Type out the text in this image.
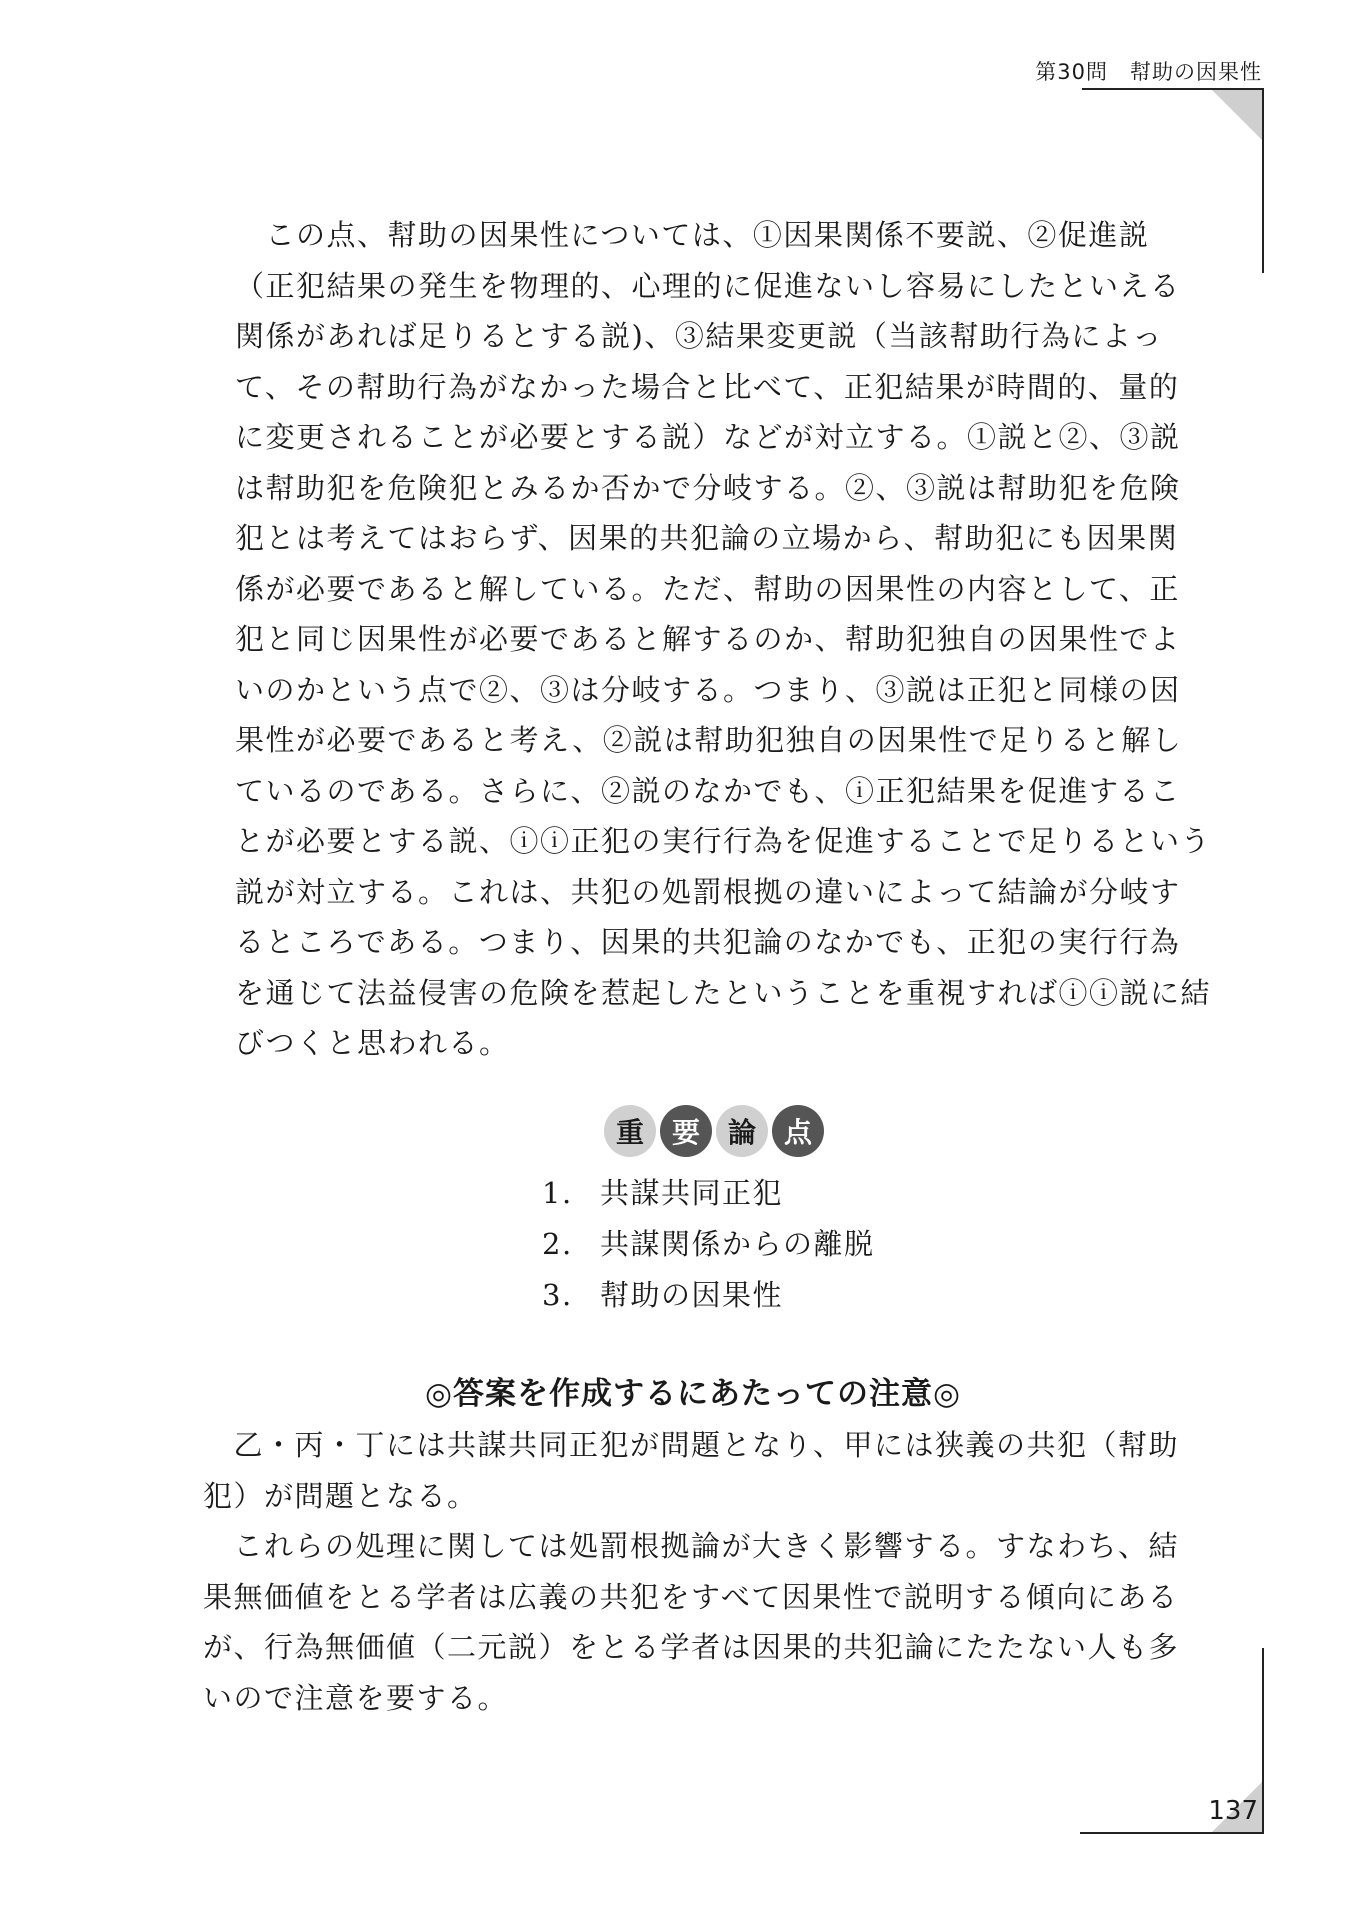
第30問　幇助の因果性
　この点、幇助の因果性については、①因果関係不要説、②促進説
（正犯結果の発生を物理的、心理的に促進ないし容易にしたといえる
関係があれば足りるとする説)、③結果変更説（当該幇助行為によっ
て、その幇助行為がなかった場合と比べて、正犯結果が時間的、量的
に変更されることが必要とする説）などが対立する。①説と②、③説
は幇助犯を危険犯とみるか否かで分岐する。②、③説は幇助犯を危険
犯とは考えてはおらず、因果的共犯論の立場から、幇助犯にも因果関
係が必要であると解している。ただ、幇助の因果性の内容として、正
犯と同じ因果性が必要であると解するのか、幇助犯独自の因果性でよ
いのかという点で②、③は分岐する。つまり、③説は正犯と同様の因
果性が必要であると考え、②説は幇助犯独自の因果性で足りると解し
ているのである。さらに、②説のなかでも、ⓘ正犯結果を促進するこ
とが必要とする説、ⓘⓘ正犯の実行行為を促進することで足りるという
説が対立する。これは、共犯の処罰根拠の違いによって結論が分岐す
るところである。つまり、因果的共犯論のなかでも、正犯の実行行為
を通じて法益侵害の危険を惹起したということを重視すればⓘⓘ説に結
びつくと思われる。
重 要 論 点
1. 共謀共同正犯
2. 共謀関係からの離脱
3. 幇助の因果性
◎答案を作成するにあたっての注意◎
　乙・丙・丁には共謀共同正犯が問題となり、甲には狭義の共犯（幇助
犯）が問題となる。
　これらの処理に関しては処罰根拠論が大きく影響する。すなわち、結
果無価値をとる学者は広義の共犯をすべて因果性で説明する傾向にある
が、行為無価値（二元説）をとる学者は因果的共犯論にたたない人も多
いので注意を要する。
137
